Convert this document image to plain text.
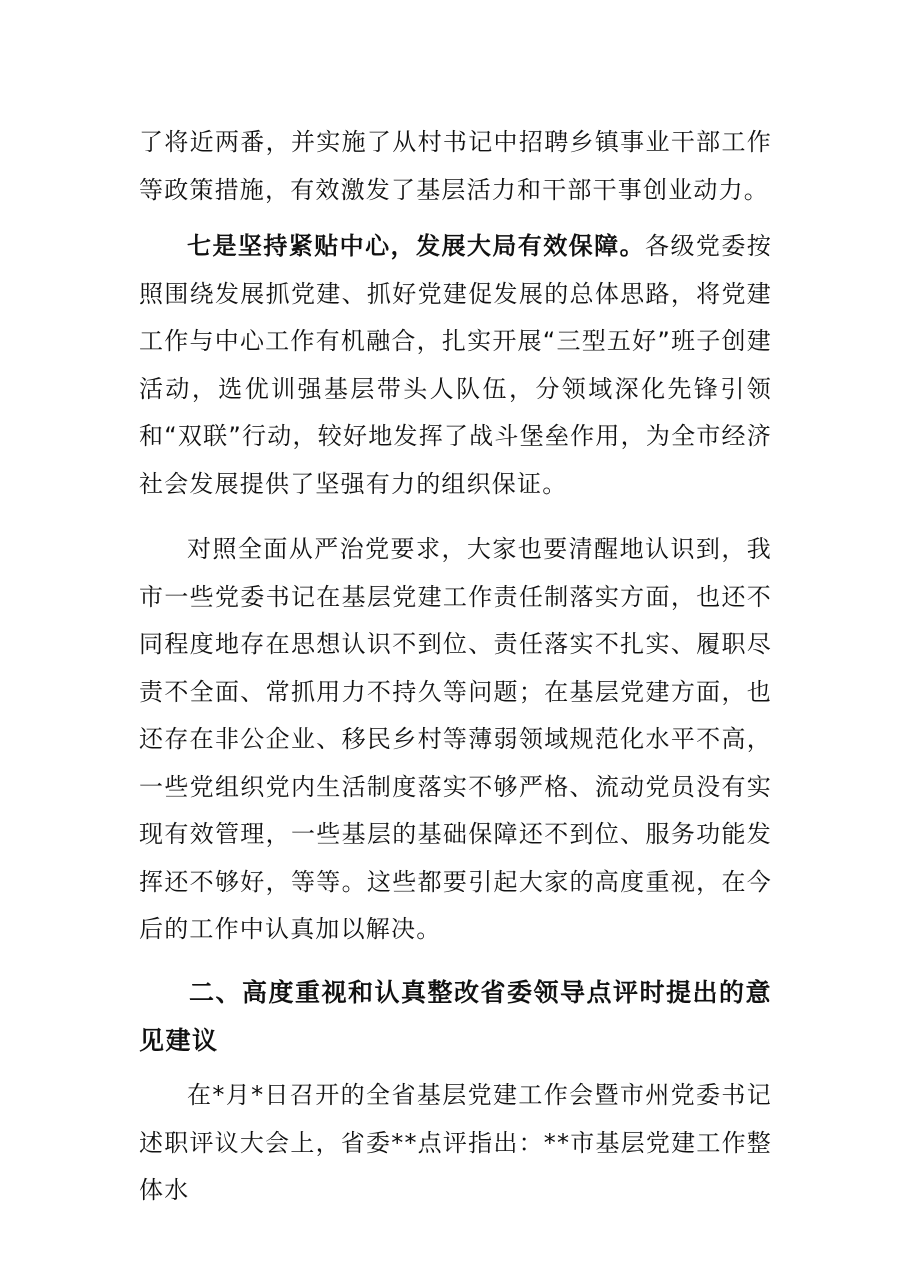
了将近两番，并实施了从村书记中招聘乡镇事业干部工作等政策措施，有效激发了基层活力和干部干事创业动力。

七是坚持紧贴中心，发展大局有效保障。各级党委按照围绕发展抓党建、抓好党建促发展的总体思路，将党建工作与中心工作有机融合，扎实开展“三型五好”班子创建活动，选优训强基层带头人队伍，分领域深化先锋引领和“双联”行动，较好地发挥了战斗堡垒作用，为全市经济社会发展提供了坚强有力的组织保证。

对照全面从严治党要求，大家也要清醒地认识到，我市一些党委书记在基层党建工作责任制落实方面，也还不同程度地存在思想认识不到位、责任落实不扎实、履职尽责不全面、常抓用力不持久等问题；在基层党建方面，也还存在非公企业、移民乡村等薄弱领域规范化水平不高，一些党组织党内生活制度落实不够严格、流动党员没有实现有效管理，一些基层的基础保障还不到位、服务功能发挥还不够好，等等。这些都要引起大家的高度重视，在今后的工作中认真加以解决。

二、高度重视和认真整改省委领导点评时提出的意见建议

在*月*日召开的全省基层党建工作会暨市州党委书记述职评议大会上，省委**点评指出：**市基层党建工作整体水
